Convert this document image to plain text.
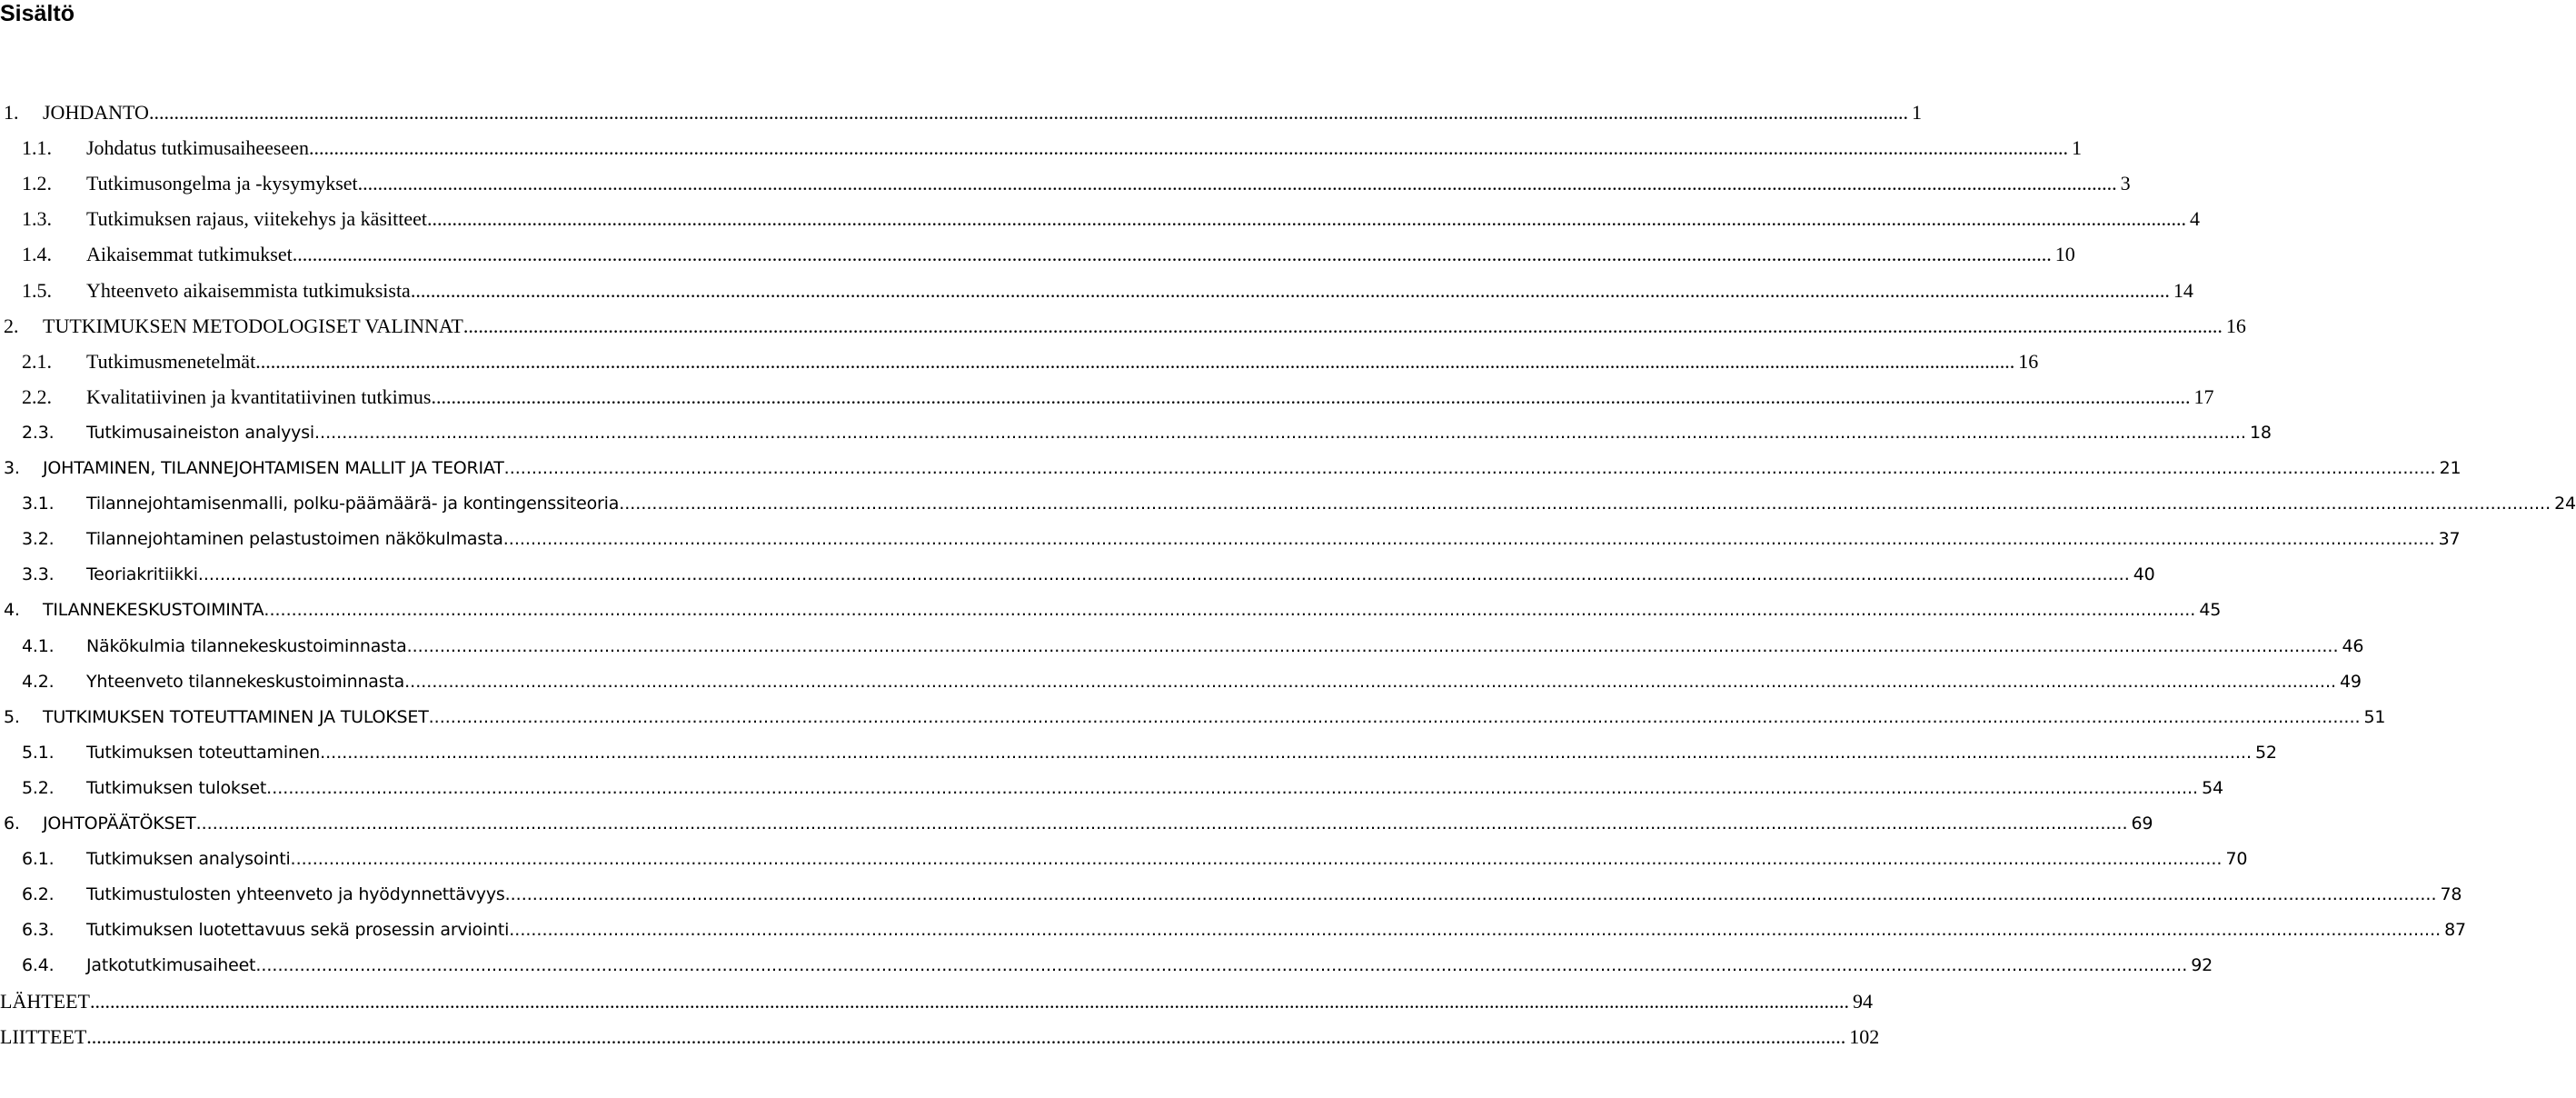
Sisältö
1. JOHDANTO .....	1
1.1. Johdatus tutkimusaiheeseen .....	1
1.2. Tutkimusongelma ja -kysymykset .....	3
1.3. Tutkimuksen rajaus, viitekehys ja käsitteet .....	4
1.4. Aikaisemmat tutkimukset .....	10
1.5. Yhteenveto aikaisemmista tutkimuksista .....	14
2. TUTKIMUKSEN METODOLOGISET VALINNAT .....	16
2.1. Tutkimusmenetelmät .....	16
2.2. Kvalitatiivinen ja kvantitatiivinen tutkimus .....	17
2.3. Tutkimusaineiston analyysi .....	18
3. JOHTAMINEN, TILANNEJOHTAMISEN MALLIT JA TEORIAT .....	21
3.1. Tilannejohtamisenmalli, polku-päämäärä- ja kontingenssiteoria .....	24
3.2. Tilannejohtaminen pelastustoimen näkökulmasta .....	37
3.3. Teoriakritiikki .....	40
4. TILANNEKESKUSTOIMINTA .....	45
4.1. Näkökulmia tilannekeskustoiminnasta .....	46
4.2. Yhteenveto tilannekeskustoiminnasta .....	49
5. TUTKIMUKSEN TOTEUTTAMINEN JA TULOKSET .....	51
5.1. Tutkimuksen toteuttaminen .....	52
5.2. Tutkimuksen tulokset .....	54
6. JOHTOPÄÄTÖKSET .....	69
6.1. Tutkimuksen analysointi .....	70
6.2. Tutkimustulosten yhteenveto ja hyödynnettävyys .....	78
6.3. Tutkimuksen luotettavuus sekä prosessin arviointi .....	87
6.4. Jatkotutkimusaiheet .....	92
LÄHTEET .....	94
LIITTEET .....	102
